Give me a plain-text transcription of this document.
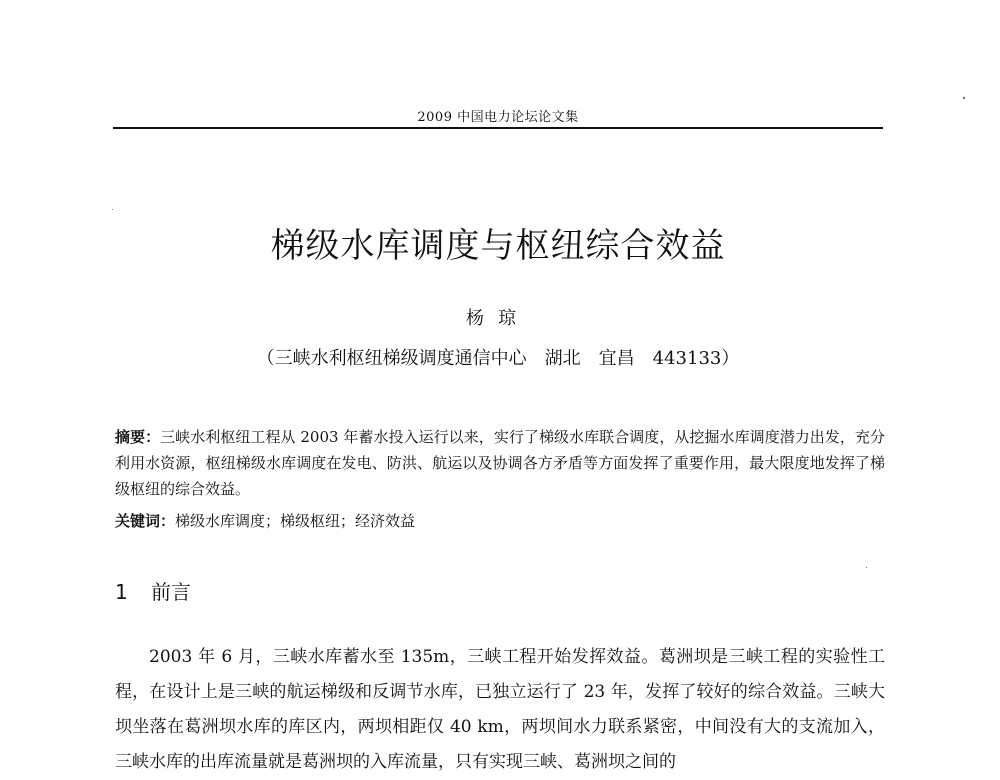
2009 中国电力论坛论文集
梯级水库调度与枢纽综合效益
杨琼
（三峡水利枢纽梯级调度通信中心　湖北　宜昌　443133）
摘要：三峡水利枢纽工程从 2003 年蓄水投入运行以来，实行了梯级水库联合调度，从挖掘水库调度潜力出发，充分利用水资源，枢纽梯级水库调度在发电、防洪、航运以及协调各方矛盾等方面发挥了重要作用，最大限度地发挥了梯级枢纽的综合效益。
关键词：梯级水库调度；梯级枢纽；经济效益
1 前言
2003 年 6 月，三峡水库蓄水至 135m，三峡工程开始发挥效益。葛洲坝是三峡工程的实验性工程，在设计上是三峡的航运梯级和反调节水库，已独立运行了 23 年，发挥了较好的综合效益。三峡大坝坐落在葛洲坝水库的库区内，两坝相距仅 40 km，两坝间水力联系紧密，中间没有大的支流加入，三峡水库的出库流量就是葛洲坝的入库流量，只有实现三峡、葛洲坝之间的
